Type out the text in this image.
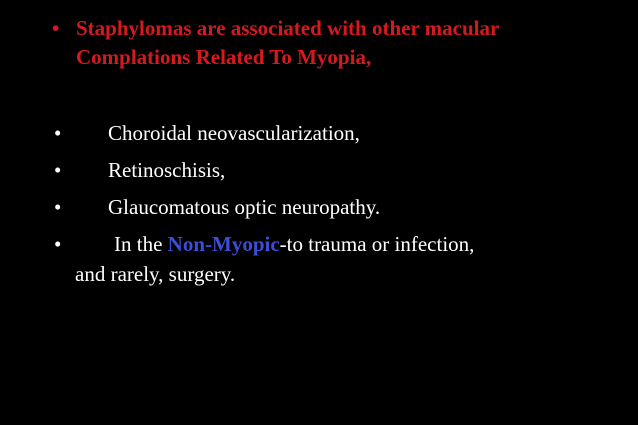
• Staphylomas are associated with other macular
Complations Related To Myopia,
• Choroidal neovascularization,
• Retinoschisis,
• Glaucomatous optic neuropathy.
•	In the Non-Myopic-to trauma or infection,
and rarely, surgery.
